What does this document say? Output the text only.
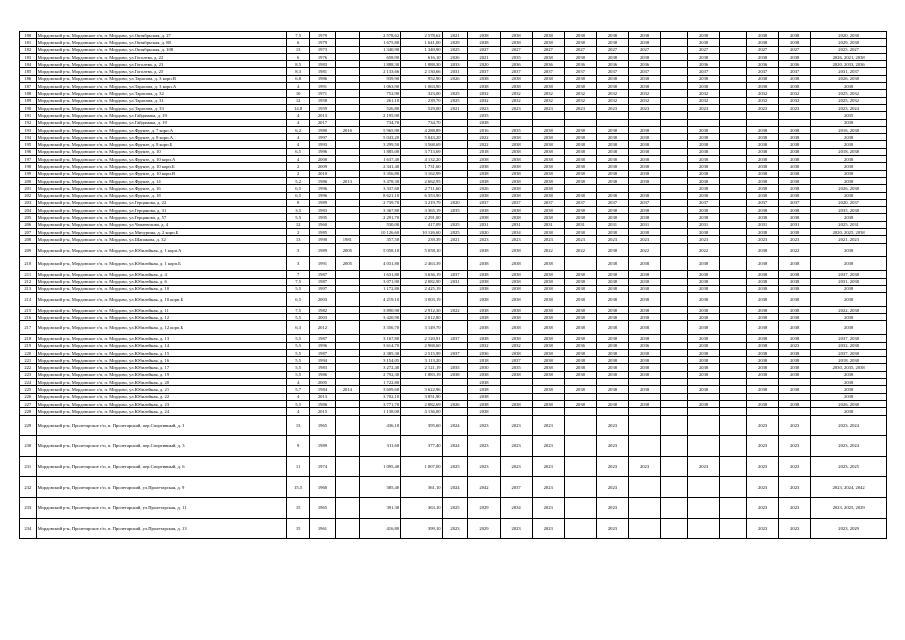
180	Мордовский р-н, Мордовское г/п, п. Мордово, ул.Октябрьская, д. 27	7,5	1979		2 578,62	2 578,62	2021	2038	2038	2038	2038	2038	2038		2038		2038	2038	2020, 2038
181	Мордовский р-н, Мордовское г/п, п. Мордово, ул.Октябрьская, д. 88	6	1979		1 675,80	1 641,00	2029	2038	2038	2038	2038	2038	2038		2038		2038	2038	2029, 2038
182	Мордовский р-н, Мордовское г/п, п. Мордово, ул.Октябрьская, д. 108	13	1973		1 340,90	1 340,90	2025	2027	2027	2027	2027	2027	2027		2027		2027	2027	2025, 2027
183	Мордовский р-н, Мордовское г/п, п. Мордово, ул.Гоголева, д. 22	6	1976		658,90	616,10	2026	2021	2035	2038	2038	2038	2038		2038		2038	2038	2026, 2021, 2038
184	Мордовский р-н, Мордовское г/п, п. Мордово, ул.Гоголева, д. 23	8,5	1983		1 888,30	1 888,30	2033	2020	2036	2036	2036	2036	2036		2036		2036	2036	2020, 2033, 2036
185	Мордовский р-н, Мордовское г/п, п. Мордово, ул.Гоголева, д. 25	8,3	1981		2 133,66	2 130,66	2031	2037	2037	2037	2037	2037	2037		2037		2037	2037	2031, 2037
186	Мордовский р-н, Мордовское г/п, п. Мордово, ул.Тарасова, д. 3 корп.В	6,8	1986		939,90	952,90	2026	2038	2038	2038	2038	2038	2038		2038		2038	2038	2026, 2038
187	Мордовский р-н, Мордовское г/п, п. Мордово, ул.Тарасова, д. 3 корп.А	4	1991		1 063,90	1 063,90		2038	2038	2038	2038	2038	2038		2038		2038	2038	2038
188	Мордовский р-н, Мордовское г/п, п. Мордово, ул.Тарасова, д. 32	10	1971		752,90	323,00	2025	2032	2032	2032	2032	2032	2032		2032		2032	2032	2025, 2032
189	Мордовский р-н, Мордовское г/п, п. Мордово, ул.Тарасова, д. 31	12	1958		261,10	239,70	2025	2032	2032	2032	2032	2032	2032		2032		2032	2032	2025, 2032
190	Мордовский р-н, Мордовское г/п, п. Мордово, ул.Тарасова, д. 33	14,8	1959		526,80	529,00	2021	2023	2023	2023	2023	2023	2023		2023		2023	2023	2023, 2024
191	Мордовский р-н, Мордовское г/п, п. Мордово, ул.Гайдамака, д. 19	4	2013		2 195,90			2035											2035
192	Мордовский р-н, Мордовское г/п, п. Мордово, ул.Гайдамака, д. 19	4	2017		734,70	734,70		2038											2038
193	Мордовский р-н, Мордовское г/п, п. Мордово, ул.Фрунзе, д. 7 корп.А	6,2	1980	2016	5 965,90	4 288,89		2016	2035	2038	2038	2038	2038		2038		2038	2038	2016, 2038
194	Мордовский р-н, Мордовское г/п, п. Мордово, ул.Фрунзе, д. 8 корп.А	4	1997		5 043,20	5 043,20		2022	2038	2038	2038	2038	2038		2038		2038	2038	2038
195	Мордовский р-н, Мордовское г/п, п. Мордово, ул.Фрунзе, д. 8 корп.Б	4	1993		3 299,50	3 568,69		2022	2038	2038	2038	2038	2038		2038		2038	2038	2038
196	Мордовский р-н, Мордовское г/п, п. Мордово, ул.Фрунзе, д. 10	6,5	1996		1 885,00	3 713,69		2018	2038	2038	2038	2038	2038		2038		2038	2038	2018, 2038
197	Мордовский р-н, Мордовское г/п, п. Мордово, ул.Фрунзе, д. 10 корп.А	4	2008		1 637,40	4 132,20		2038	2038	2038	2038	2038	2038		2038		2038	2038	2038
198	Мордовский р-н, Мордовское г/п, п. Мордово, ул.Фрунзе, д. 10 корп.Б	2	2009		2 341,40	1 731,60		2038	2038	2038	2038	2038	2038		2038		2038	2038	2038
199	Мордовский р-н, Мордовское г/п, п. Мордово, ул.Фрунзе, д. 10 корп.В	2	2010		3 356,80	3 162,99		2038	2038	2038	2038	2038	2038		2038		2038	2038	2038
200	Мордовский р-н, Мордовское г/п, п. Мордово, ул.Фрунзе, д. 14	5,2	1986	2013	3 478,30	2 662,95		2038	2038	2038	2038	2038	2038		2038		2038	2038	2038
201	Мордовский р-н, Мордовское г/п, п. Мордово, ул.Фрунзе, д. 16	6,5	1996		3 337,60	2 711,60		2026	2038	2038					2038		2038	2038	2026, 2038
202	Мордовский р-н, Мордовское г/п, п. Мордово, ул.Фрунзе, д. 18	6,5	1996		8 621,10	6 353,90		2038	2038	2038	2038	2038	2038		2038		2038	2038	2038
203	Мордовский р-н, Мордовское г/п, п. Мордово, ул.Герцанова, д. 22	8	1989		2 739,70	3 219,79	2020	2037	2037	2037	2037	2037	2037		2037		2037	2037	2020, 2037
204	Мордовский р-н, Мордовское г/п, п. Мордово, ул.Герцанова, д. 31	3,5	1983		3 367,80	3 365,19	2035	2038	2038	2038	2038	2038	2038		2038		2038	2038	2035, 2038
205	Мордовский р-н, Мордовское г/п, п. Мордово, ул.Герцанова, д. 57	5,5	1995		2 291,70	2 291,00		2038	2038	2038	2038	2038	2038		2038		2038	2038	2038
206	Мордовский р-н, Мордовское г/п, п. Мордово, ул.Чапаевскова, д. 4	12	1960		530,00	417,09	2025	2031	2031	2031	2031	2031	2031		2031		2031	2031	2025, 2031
207	Мордовский р-н, Мордовское г/п, п. Мордово, ул.Мичурина, д. 2 корп.Б	2	1985		10 126,60	10 126,60	2025	2020	2034	2038	2038	2038	2038		2038		2038	2038	2020, 2025, 2038
208	Мордовский р-н, Мордовское г/п, п. Мордово, ул.Шапакова, д. 32	13	1990	1981	357,50	239,39	2021	2023	2023	2023	2023	2023	2023		2023		2023	2023	2021, 2023
209	Мордовский р-н, Мордовское г/п, п. Мордово, ул.Юбилейная, д. 1 корп.А	3	1989	2005	5 058,10	5 058,10		2038	2038	2022	2022	2038	2022		2022		2038	2022	2038
210	Мордовский р-н, Мордовское г/п, п. Мордово, ул.Юбилейная, д. 1 корп.Б	3	1991	2005	4 031,80	2 463,39		2038	2038	2038		2038	2038		2038		2038	2038	2038
211	Мордовский р-н, Мордовское г/п, п. Мордово, ул.Юбилейная, д. 4	7	1987		1 631,80	3 636,19	2037	2038	2038	2038	2038	2038	2038		2038		2038	2038	2037, 2038
212	Мордовский р-н, Мордовское г/п, п. Мордово, ул.Юбилейная, д. 6	7,5	1987		3 071,90	2 082,90	2031	2038	2038	2038	2038	2038	2038		2038		2038	2038	2031, 2038
213	Мордовский р-н, Мордовское г/п, п. Мордово, ул.Юбилейная, д. 10	5,5	1997		1 172,80	2 425,19		2038	2038	2038	2038	2038	2038		2038		2038	2038	2038
214	Мордовский р-н, Мордовское г/п, п. Мордово, ул.Юбилейная, д. 10 корп.Б	6,5	2003		4 219,10	3 003,19		2038	2038	2038	2038	2038	2038		2038		2038	2038	2038
215	Мордовский р-н, Мордовское г/п, п. Мордово, ул.Юбилейная, д. 11	7,5	1982		3 890,90	2 912,30	2022	2038	2038	2038	2038	2038	2038		2038		2038	2038	2022, 2038
216	Мордовский р-н, Мордовское г/п, п. Мордово, ул.Юбилейная, д. 12	5,5	2003		3 420,90	2 012,80		2038	2038	2038	2038	2038	2038		2038		2038	2038	2038
217	Мордовский р-н, Мордовское г/п, п. Мордово, ул.Юбилейная, д. 12 корп.Б	6,3	2012		3 356,70	3 149,70		2038	2038	2038	2038	2038	2038		2038		2038	2038	2038
218	Мордовский р-н, Мордовское г/п, п. Мордово, ул.Юбилейная, д. 13	5,5	1987		3 167,80	2 120,91	2037	2038	2038	2038	2038	2038	2038		2038		2038	2038	2037, 2038
219	Мордовский р-н, Мордовское г/п, п. Мордово, ул.Юбилейная, д. 14	5,5	1996		3 614,70	2 968,60		2032	2032	2038	2036	2038	2036		2038		2038	2023	2032, 2038
220	Мордовский р-н, Мордовское г/п, п. Мордово, ул.Юбилейная, д. 15	5,5	1987		2 385,30	2 515,99	2037	2036	2038	2038	2038	2038	2038		2038		2038	2038	2037, 2038
221	Мордовский р-н, Мордовское г/п, п. Мордово, ул.Юбилейная, д. 16	5,5	1994		3 154,05	3 113,20		2018	2037	2038	2038	2038	2038		2038		2038	2038	2018, 2038
222	Мордовский р-н, Мордовское г/п, п. Мордово, ул.Юбилейная, д. 17	5,5	1983		3 272,40	2 121,19	2035	2030	2035	2038	2038	2038	2038		2038		2038	2038	2030, 2035, 2038
223	Мордовский р-н, Мордовское г/п, п. Мордово, ул.Юбилейная, д. 19	5,5	1986		2 792,30	1 883,19	2038	2038	2038	2038	2038	2038	2038		2038		2038	2038	2038
224	Мордовский р-н, Мордовское г/п, п. Мордово, ул.Юбилейная, д. 20	4	2005		1 722,80			2038											2038
225	Мордовский р-н, Мордовское г/п, п. Мордово, ул.Юбилейная, д. 21	5,7	1984	2014	3 609,60	3 622,96		2038		2038	2038	2038	2038		2038		2038	2038	2038
226	Мордовский р-н, Мордовское г/п, п. Мордово, ул.Юбилейная, д. 22	4	2013		3 702,10	3 851,90		2038											2038
227	Мордовский р-н, Мордовское г/п, п. Мордово, ул.Юбилейная, д. 23	5,5	1986		3 771,70	2 882,69	2026	2038	2038	2038	2038	2038	2038		2038		2038	2038	2026, 2038
228	Мордовский р-н, Мордовское г/п, п. Мордово, ул.Юбилейная, д. 24	4	2015		1 138,00	4 136,00		2038											2038
229	Мордовский р-н, Пролетарское г/п, п. Пролетарский, пер.Спортивный, д. 1	13	1965		436,10	395,60	2024	2023	2023	2023		2023					2023	2023	2023, 2024
230	Мордовский р-н, Пролетарское г/п, п. Пролетарский, пер.Спортивный, д. 3	9	1989		311,60	377,40	2024	2023	2023	2023		2023					2023	2023	2023, 2024
231	Мордовский р-н, Пролетарское г/п, п. Пролетарский, пер.Спортивный, д. 6	11	1974		1 095,40	1 007,00	2025	2023	2023	2023		2023	2023		2023		2023	2023	2023, 2025
232	Мордовский р-н, Пролетарское г/п, п. Пролетарский, ул.Пролетарская, д. 9	15,5	1960		385,40	361,10	2024	2042	2037	2023		2023					2023	2023	2023, 2024, 2042
233	Мордовский р-н, Пролетарское г/п, п. Пролетарский, ул.Пролетарская, д. 11	15	1965		391,30	363,10	2025	2029	2034	2023		2023					2023	2023	2023, 2025, 2029
234	Мордовский р-н, Пролетарское г/п, п. Пролетарский, ул.Пролетарская, д. 13	15	1961		416,80	399,10	2023	2029	2023	2023		2023					2023	2023	2023, 2029
